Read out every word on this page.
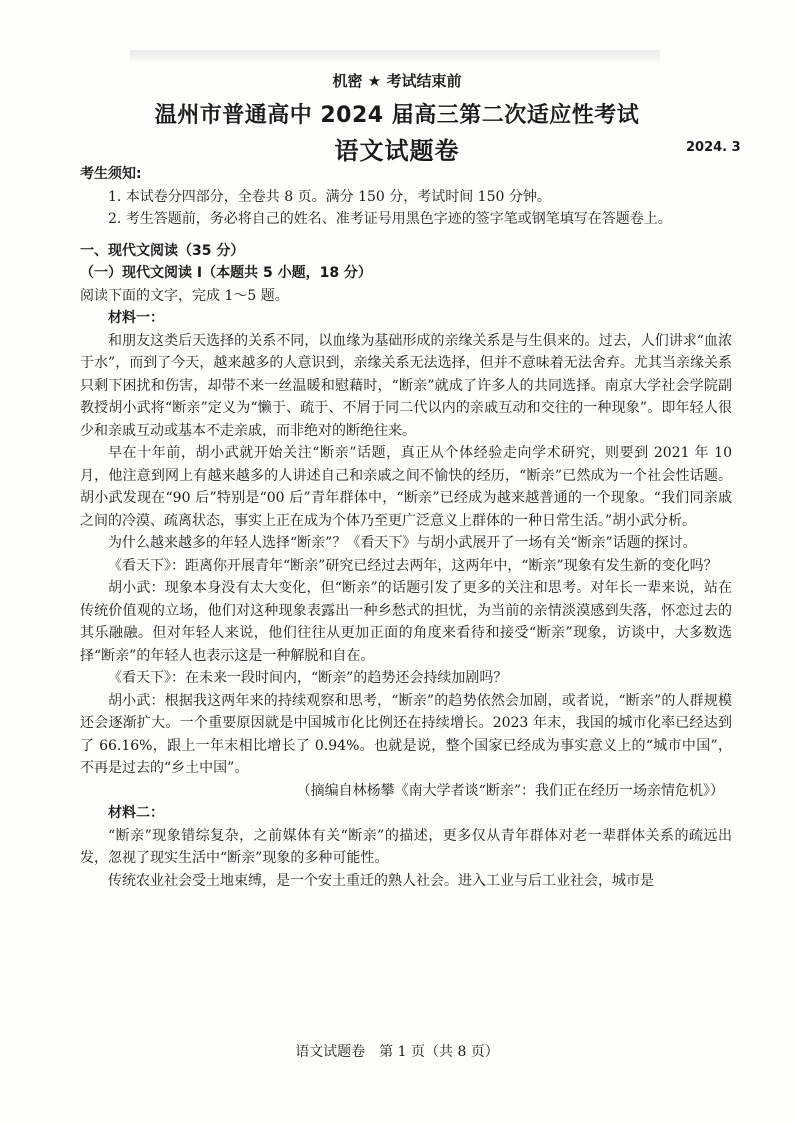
机密 ★ 考试结束前
温州市普通高中 2024 届高三第二次适应性考试
语文试题卷	2024. 3

考生须知:

1. 本试卷分四部分，全卷共 8 页。满分 150 分，考试时间 150 分钟。

2. 考生答题前，务必将自己的姓名、准考证号用黑色字迹的签字笔或钢笔填写在答题卷上。

一、现代文阅读（35 分）

（一）现代文阅读 I（本题共 5 小题，18 分）

阅读下面的文字，完成 1～5 题。

材料一：

和朋友这类后天选择的关系不同，以血缘为基础形成的亲缘关系是与生俱来的。过去，人们讲求“血浓于水”，而到了今天，越来越多的人意识到，亲缘关系无法选择，但并不意味着无法舍弃。尤其当亲缘关系只剩下困扰和伤害，却带不来一丝温暖和慰藉时，“断亲”就成了许多人的共同选择。南京大学社会学院副教授胡小武将“断亲”定义为“懒于、疏于、不屑于同二代以内的亲戚互动和交往的一种现象”。即年轻人很少和亲戚互动或基本不走亲戚，而非绝对的断绝往来。

早在十年前，胡小武就开始关注“断亲”话题，真正从个体经验走向学术研究，则要到 2021 年 10 月，他注意到网上有越来越多的人讲述自己和亲戚之间不愉快的经历，“断亲”已然成为一个社会性话题。胡小武发现在“90 后”特别是“00 后”青年群体中，“断亲”已经成为越来越普通的一个现象。“我们同亲戚之间的冷漠、疏离状态，事实上正在成为个体乃至更广泛意义上群体的一种日常生活。”胡小武分析。

为什么越来越多的年轻人选择“断亲”？《看天下》与胡小武展开了一场有关“断亲”话题的探讨。

《看天下》：距离你开展青年“断亲”研究已经过去两年，这两年中，“断亲”现象有发生新的变化吗？

胡小武：现象本身没有太大变化，但“断亲”的话题引发了更多的关注和思考。对年长一辈来说，站在传统价值观的立场，他们对这种现象表露出一种乡愁式的担忧，为当前的亲情淡漠感到失落，怀恋过去的其乐融融。但对年轻人来说，他们往往从更加正面的角度来看待和接受“断亲”现象，访谈中，大多数选择“断亲”的年轻人也表示这是一种解脱和自在。

《看天下》：在未来一段时间内，“断亲”的趋势还会持续加剧吗？

胡小武：根据我这两年来的持续观察和思考，“断亲”的趋势依然会加剧，或者说，“断亲”的人群规模还会逐渐扩大。一个重要原因就是中国城市化比例还在持续增长。2023 年末，我国的城市化率已经达到了 66.16%，跟上一年末相比增长了 0.94%。也就是说，整个国家已经成为事实意义上的“城市中国”，不再是过去的“乡土中国”。

（摘编自林杨攀《南大学者谈“断亲”：我们正在经历一场亲情危机》）

材料二：

“断亲”现象错综复杂，之前媒体有关“断亲”的描述，更多仅从青年群体对老一辈群体关系的疏远出发，忽视了现实生活中“断亲”现象的多种可能性。

传统农业社会受土地束缚，是一个安土重迁的熟人社会。进入工业与后工业社会，城市是

语文试题卷　第 1 页（共 8 页）
